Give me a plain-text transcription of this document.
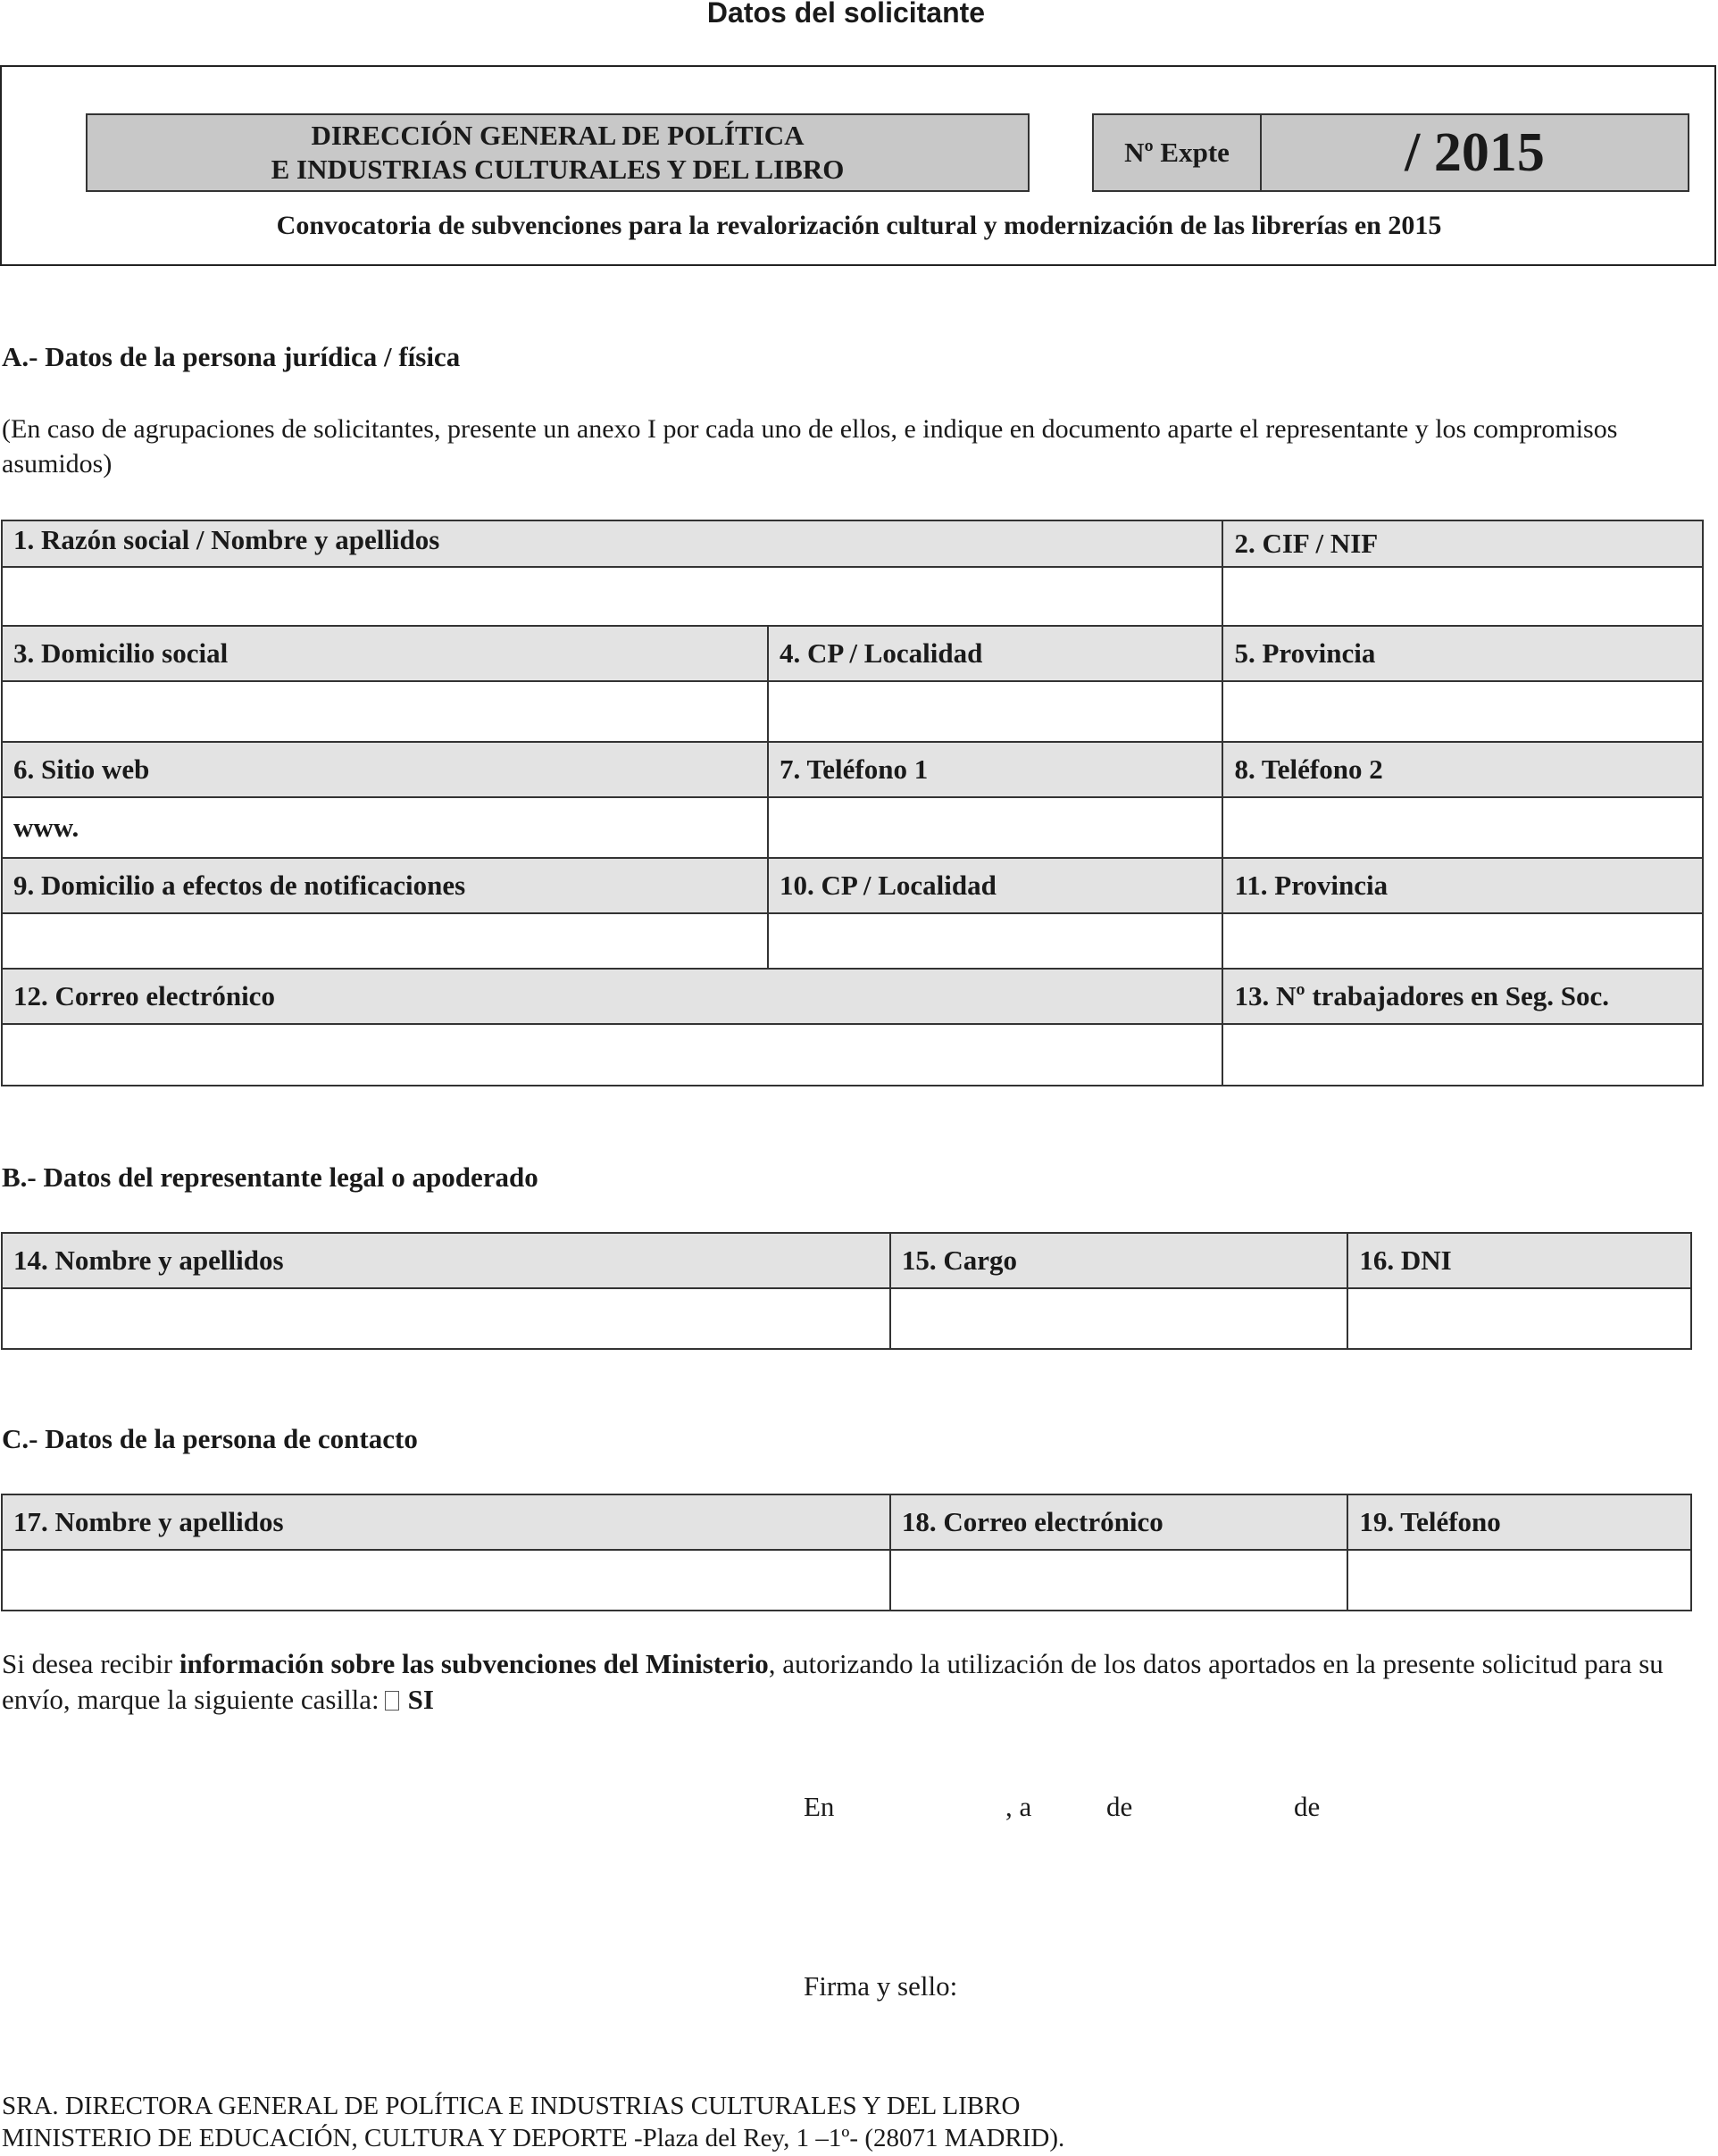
Datos del solicitante
DIRECCIÓN GENERAL DE POLÍTICA
E INDUSTRIAS CULTURALES Y DEL LIBRO
Nº Expte	/ 2015
Convocatoria de subvenciones para la revalorización cultural y modernización de las librerías en 2015
A.- Datos de la persona jurídica / física
(En caso de agrupaciones de solicitantes, presente un anexo I por cada uno de ellos, e indique en documento aparte el representante y los compromisos asumidos)
1. Razón social / Nombre y apellidos		2. CIF / NIF

3. Domicilio social	4. CP / Localidad	5. Provincia

6. Sitio web	7. Teléfono 1	8. Teléfono 2
www.		
9. Domicilio a efectos de notificaciones	10. CP / Localidad	11. Provincia

12. Correo electrónico		13. Nº trabajadores en Seg. Soc.

B.- Datos del representante legal o apoderado
14. Nombre y apellidos	15. Cargo	16. DNI

C.- Datos de la persona de contacto
17. Nombre y apellidos	18. Correo electrónico	19. Teléfono

Si desea recibir información sobre las subvenciones del Ministerio, autorizando la utilización de los datos aportados en la presente solicitud para su envío, marque la siguiente casilla: SI
En	, a	de	de
Firma y sello:
SRA. DIRECTORA GENERAL DE POLÍTICA E INDUSTRIAS CULTURALES Y DEL LIBRO
MINISTERIO DE EDUCACIÓN, CULTURA Y DEPORTE -Plaza del Rey, 1 –1º- (28071 MADRID).
